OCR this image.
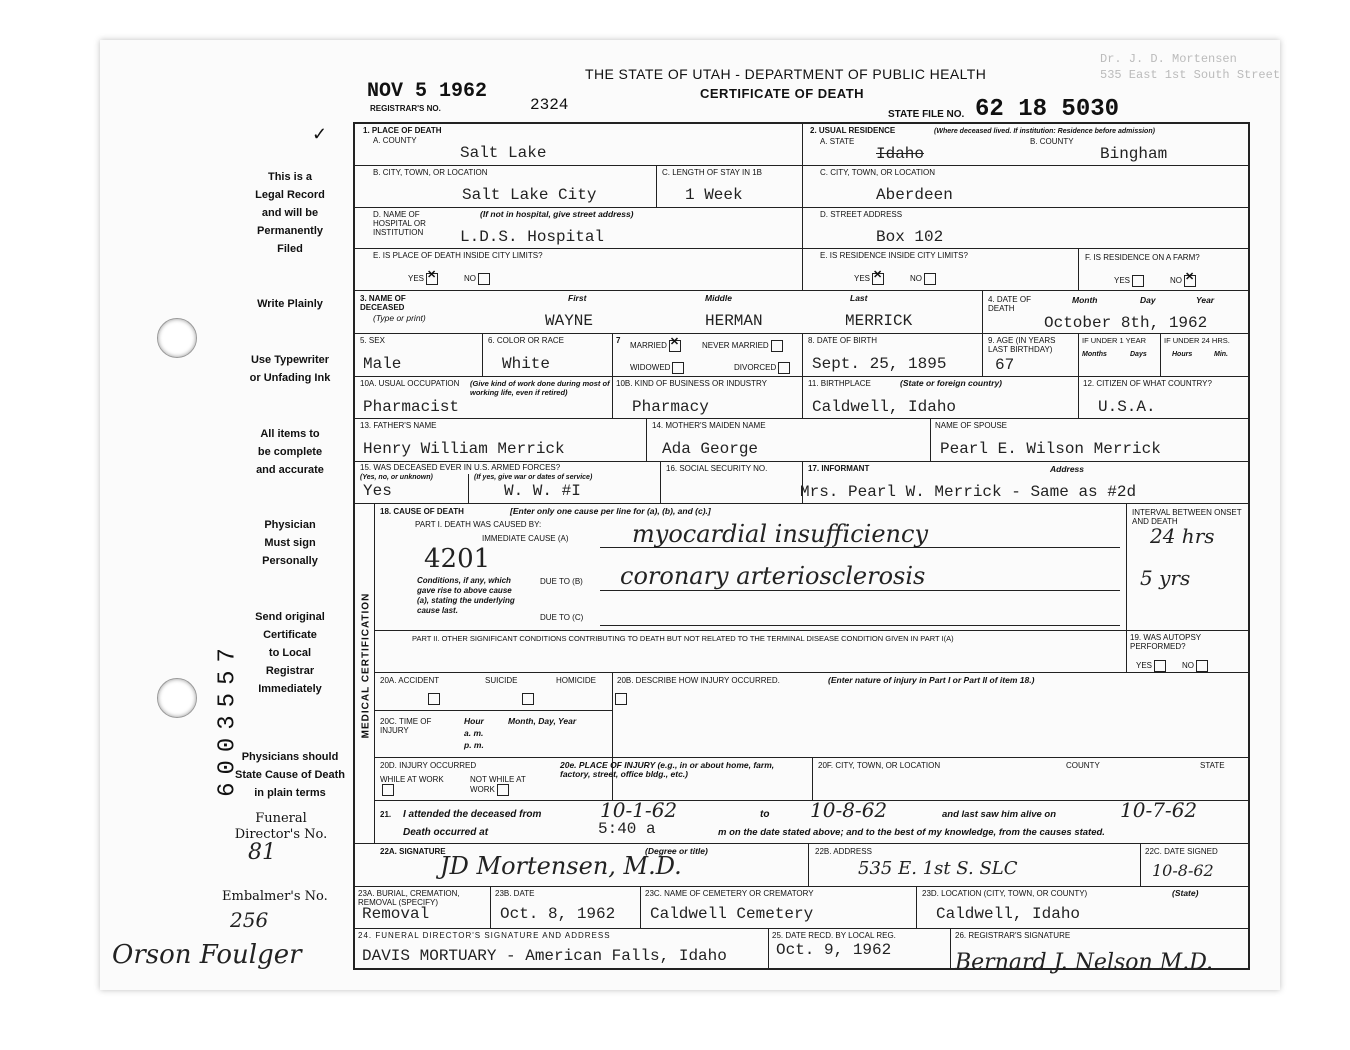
Dr. J. D. Mortensen
535 East 1st South Street
NOV 5 1962
REGISTRAR'S NO.	2324
THE STATE OF UTAH - DEPARTMENT OF PUBLIC HEALTH
CERTIFICATE OF DEATH
STATE FILE NO. 62 18 5030
✓
This is a
Legal Record
and will be
Permanently
Filed
Write Plainly
Use Typewriter
or Unfading Ink
All items to
be complete
and accurate
Physician
Must sign
Personally
Send original
Certificate
to Local
Registrar
Immediately
Physicians should
State Cause of Death
in plain terms
6003557
Funeral
Director's No.
81
Embalmer's No.
256
Orson Foulger
1. PLACE OF DEATH
A. COUNTY
Salt Lake
B. CITY, TOWN, OR LOCATION
Salt Lake City
C. LENGTH OF STAY IN 1B
1 Week
D. NAME OF HOSPITAL OR INSTITUTION
(If not in hospital, give street address)
L.D.S. Hospital
E. IS PLACE OF DEATH INSIDE CITY LIMITS?
YES ✕	NO
2. USUAL RESIDENCE	(Where deceased lived. If institution: Residence before admission)
A. STATE
Idaho
B. COUNTY
Bingham
C. CITY, TOWN, OR LOCATION
Aberdeen
D. STREET ADDRESS
Box 102
E. IS RESIDENCE INSIDE CITY LIMITS?
YES ✕	NO
F. IS RESIDENCE ON A FARM?
YES	NO✕
3. NAME OF DECEASED
(Type or print)
First	Middle	Last
WAYNE	HERMAN	MERRICK
4. DATE OF DEATH
Month	Day	Year
October 8th, 1962
5. SEX
Male
6. COLOR OR RACE
White
7
MARRIED ✕	NEVER MARRIED
WIDOWED	DIVORCED
8. DATE OF BIRTH
Sept. 25, 1895
9. AGE (IN YEARS LAST BIRTHDAY)
67
IF UNDER 1 YEAR IF UNDER 24 HRS.
Months	Days	Hours	Min.
10A. USUAL OCCUPATION (Give kind of work done during most of working life, even if retired)
Pharmacist
10B. KIND OF BUSINESS OR INDUSTRY
Pharmacy
11. BIRTHPLACE	(State or foreign country)
Caldwell, Idaho
12. CITIZEN OF WHAT COUNTRY?
U.S.A.
13. FATHER'S NAME
Henry William Merrick
14. MOTHER'S MAIDEN NAME
Ada George
NAME OF SPOUSE
Pearl E. Wilson Merrick
15. WAS DECEASED EVER IN U.S. ARMED FORCES?
(Yes, no, or unknown)	(If yes, give war or dates of service)
Yes	W. W. #I
16. SOCIAL SECURITY NO.	17. INFORMANT	Address
Mrs. Pearl W. Merrick - Same as #2d
MEDICAL CERTIFICATION
18. CAUSE OF DEATH	[Enter only one cause per line for (a), (b), and (c).]
PART I. DEATH WAS CAUSED BY:
IMMEDIATE CAUSE (A)	myocardial insufficiency
INTERVAL BETWEEN ONSET AND DEATH
24 hrs
4201
Conditions, if any, which gave rise to above cause (a), stating the underlying cause last.
DUE TO (B) coronary arteriosclerosis	5 yrs
DUE TO (C)
PART II. OTHER SIGNIFICANT CONDITIONS CONTRIBUTING TO DEATH BUT NOT RELATED TO THE TERMINAL DISEASE CONDITION GIVEN IN PART I(A)	19. WAS AUTOPSY PERFORMED?
YES	NO
20A. ACCIDENT	SUICIDE	HOMICIDE
	20B. DESCRIBE HOW INJURY OCCURRED.	(Enter nature of injury in Part I or Part II of item 18.)
20C. TIME OF INJURY
Hour	Month, Day, Year
a. m.
p. m.
20D. INJURY OCCURRED
WHILE AT WORK	NOT WHILE AT WORK
20e. PLACE OF INJURY (e.g., in or about home, farm, factory, street, office bldg., etc.)
20F. CITY, TOWN, OR LOCATION	COUNTY	STATE
21. I attended the deceased from	10-1-62	to 10-8-62	and last saw him alive on	10-7-62
Death occurred at	5:40 a	m on the date stated above; and to the best of my knowledge, from the causes stated.
22A. SIGNATURE	(Degree or title)
JD Mortensen, M.D.
22B. ADDRESS
535 E. 1st S. SLC
22C. DATE SIGNED
10-8-62
23A. BURIAL, CREMATION, REMOVAL (SPECIFY)
Removal
23B. DATE
Oct. 8, 1962
23C. NAME OF CEMETERY OR CREMATORY
Caldwell Cemetery
23D. LOCATION (CITY, TOWN, OR COUNTY)	(State)
Caldwell, Idaho
24. FUNERAL DIRECTOR'S SIGNATURE AND ADDRESS
DAVIS MORTUARY - American Falls, Idaho
25. DATE RECD. BY LOCAL REG.
Oct. 9, 1962
26. REGISTRAR'S SIGNATURE
Bernard J. Nelson M.D.
